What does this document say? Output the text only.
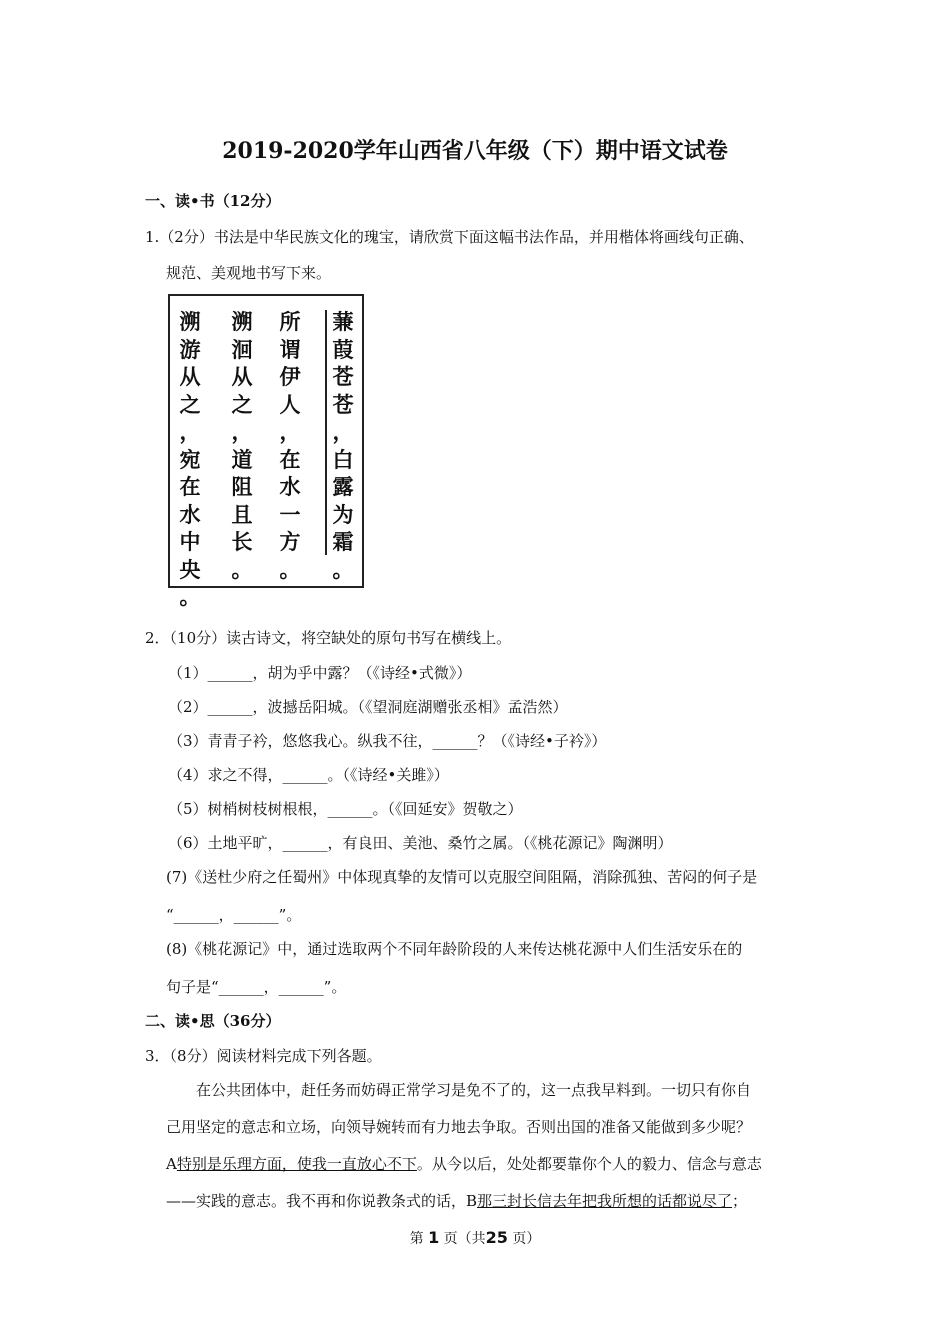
2019-2020学年山西省八年级（下）期中语文试卷
一、读•书（12分）
1.（2分）书法是中华民族文化的瑰宝，请欣赏下面这幅书法作品，并用楷体将画线句正确、
规范、美观地书写下来。
蒹
葭
苍
苍
，
白
露
为
霜
。
所
谓
伊
人
，
在
水
一
方
。
溯
洄
从
之
，
道
阻
且
长
。
溯
游
从
之
，
宛
在
水
中
央
。
2．（10分）读古诗文，将空缺处的原句书写在横线上。
（1）______，胡为乎中露？（《诗经•式微》）
（2）______，波撼岳阳城。（《望洞庭湖赠张丞相》孟浩然）
（3）青青子衿，悠悠我心。纵我不往，______？（《诗经•子衿》）
（4）求之不得，______。（《诗经•关雎》）
（5）树梢树枝树根根，______。（《回延安》贺敬之）
（6）土地平旷，______，有良田、美池、桑竹之属。（《桃花源记》陶渊明）
(7)《送杜少府之任蜀州》中体现真挚的友情可以克服空间阻隔，消除孤独、苦闷的何子是
“______，______”。
(8)《桃花源记》中，通过选取两个不同年龄阶段的人来传达桃花源中人们生活安乐在的
句子是“______，______”。
二、读•思（36分）
3．（8分）阅读材料完成下列各题。
在公共团体中，赶任务而妨碍正常学习是免不了的，这一点我早料到。一切只有你自
己用坚定的意志和立场，向领导婉转而有力地去争取。否则出国的准备又能做到多少呢？
A特别是乐理方面，使我一直放心不下。从今以后，处处都要靠你个人的毅力、信念与意志
——实践的意志。我不再和你说教条式的话，B那三封长信去年把我所想的话都说尽了；
第 1 页（共25 页）
